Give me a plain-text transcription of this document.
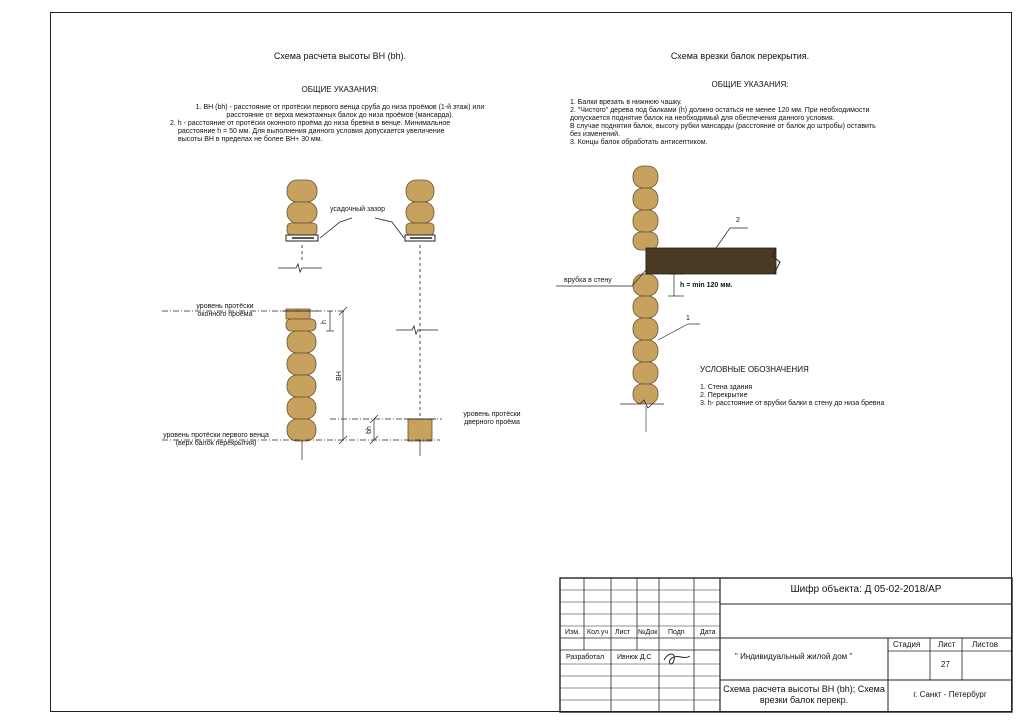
Схема расчета высоты ВН (bh).
ОБЩИЕ УКАЗАНИЯ:
1. ВН (bh) - расстояние от протёски первого венца сруба до низа проёмов (1-й этаж) или
расстояние от верха межэтажных балок до низа проёмов (мансарда).
2. h - расстояние от протёски оконного проёма до низа бревна в венце. Минимальное
расстояние h = 50 мм. Для выполнения данного условия допускается увеличение
высоты ВН в пределах не более ВН+ 30 мм.
усадочный зазор
уровень протёски
оконного проёма
уровень протёски
дверного проёма
уровень протёски первого венца
(верх балок перекрытия)
ВН
h
bh
Схема врезки балок перекрытия.
ОБЩИЕ УКАЗАНИЯ:
1. Балки врезать в нижнюю чашку.
2. "Чистого" дерева под балками (h) должно остаться не менее 120 мм. При необходимости
допускается поднятие балок на необходимый для обеспечения данного условия.
В случае поднятия балок, высоту рубки мансарды (расстояние от балок до штробы) оставить
без изменений.
3. Концы балок обработать антисептиком.
2
врубка в стену
h = min 120 мм.
1
УСЛОВНЫЕ ОБОЗНАЧЕНИЯ
1. Стена здания
2. Перекрытие
3. h- расстояние от врубки балки в стену до низа бревна
Шифр объекта: Д 05-02-2018/АР
Изм. Кол.уч Лист №Док Подп Дата
Разработал Ивнюк Д.С	" Индивидуальный жилой дом "
Стадия Лист Листов
27
Схема расчета высоты ВН (bh); Схема
врезки балок перекр.
г. Санкт - Петербург
